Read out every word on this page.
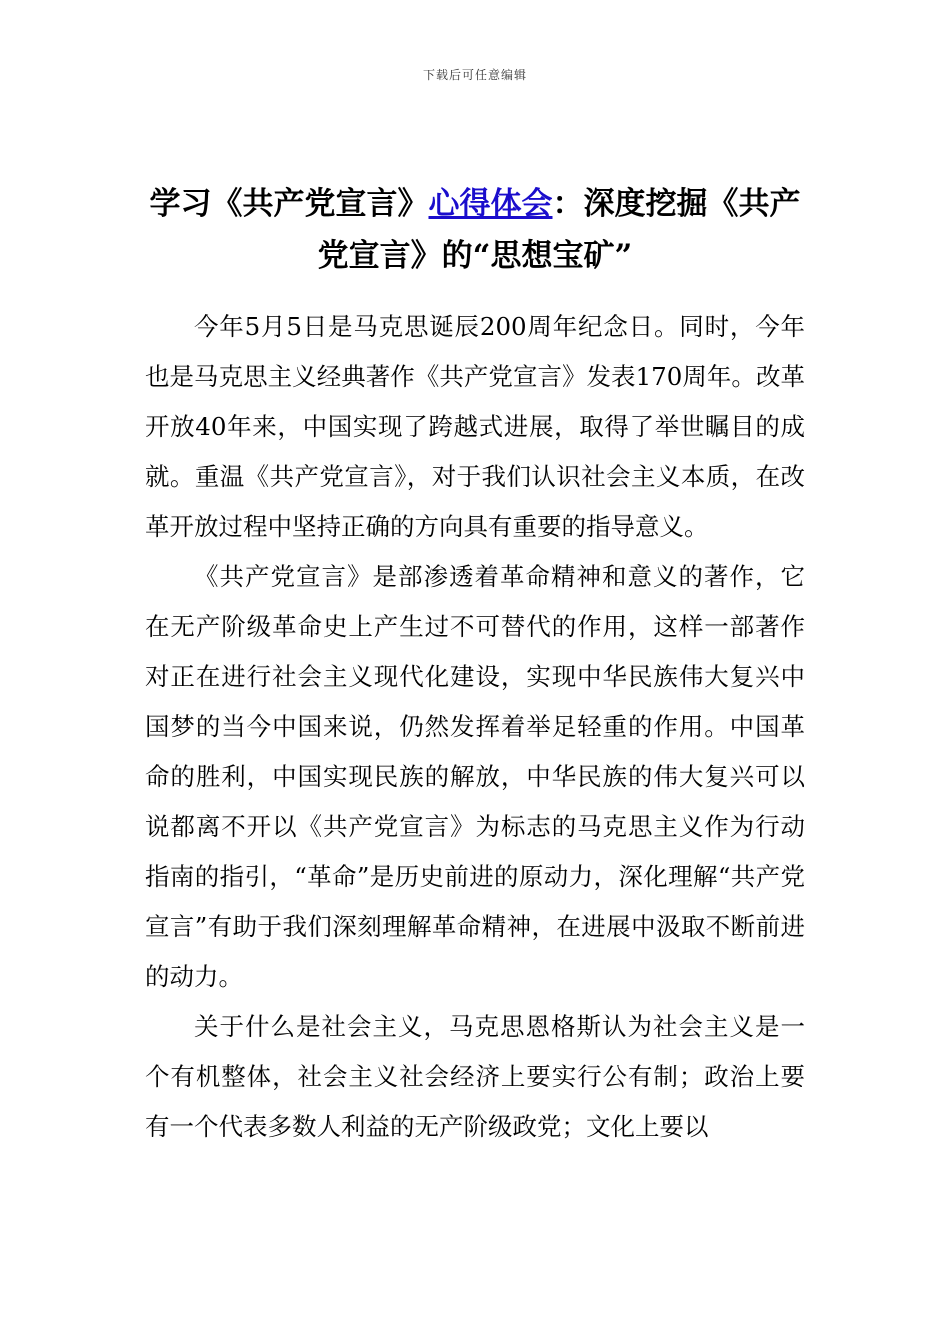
下载后可任意编辑
学习《共产党宣言》心得体会：深度挖掘《共产党宣言》的“思想宝矿”

今年5月5日是马克思诞辰200周年纪念日。同时，今年也是马克思主义经典著作《共产党宣言》发表170周年。改革开放40年来，中国实现了跨越式进展，取得了举世瞩目的成就。重温《共产党宣言》，对于我们认识社会主义本质，在改革开放过程中坚持正确的方向具有重要的指导意义。

《共产党宣言》是部渗透着革命精神和意义的著作，它在无产阶级革命史上产生过不可替代的作用，这样一部著作对正在进行社会主义现代化建设，实现中华民族伟大复兴中国梦的当今中国来说，仍然发挥着举足轻重的作用。中国革命的胜利，中国实现民族的解放，中华民族的伟大复兴可以说都离不开以《共产党宣言》为标志的马克思主义作为行动指南的指引，“革命”是历史前进的原动力，深化理解“共产党宣言”有助于我们深刻理解革命精神，在进展中汲取不断前进的动力。

关于什么是社会主义，马克思恩格斯认为社会主义是一个有机整体，社会主义社会经济上要实行公有制；政治上要有一个代表多数人利益的无产阶级政党；文化上要以
